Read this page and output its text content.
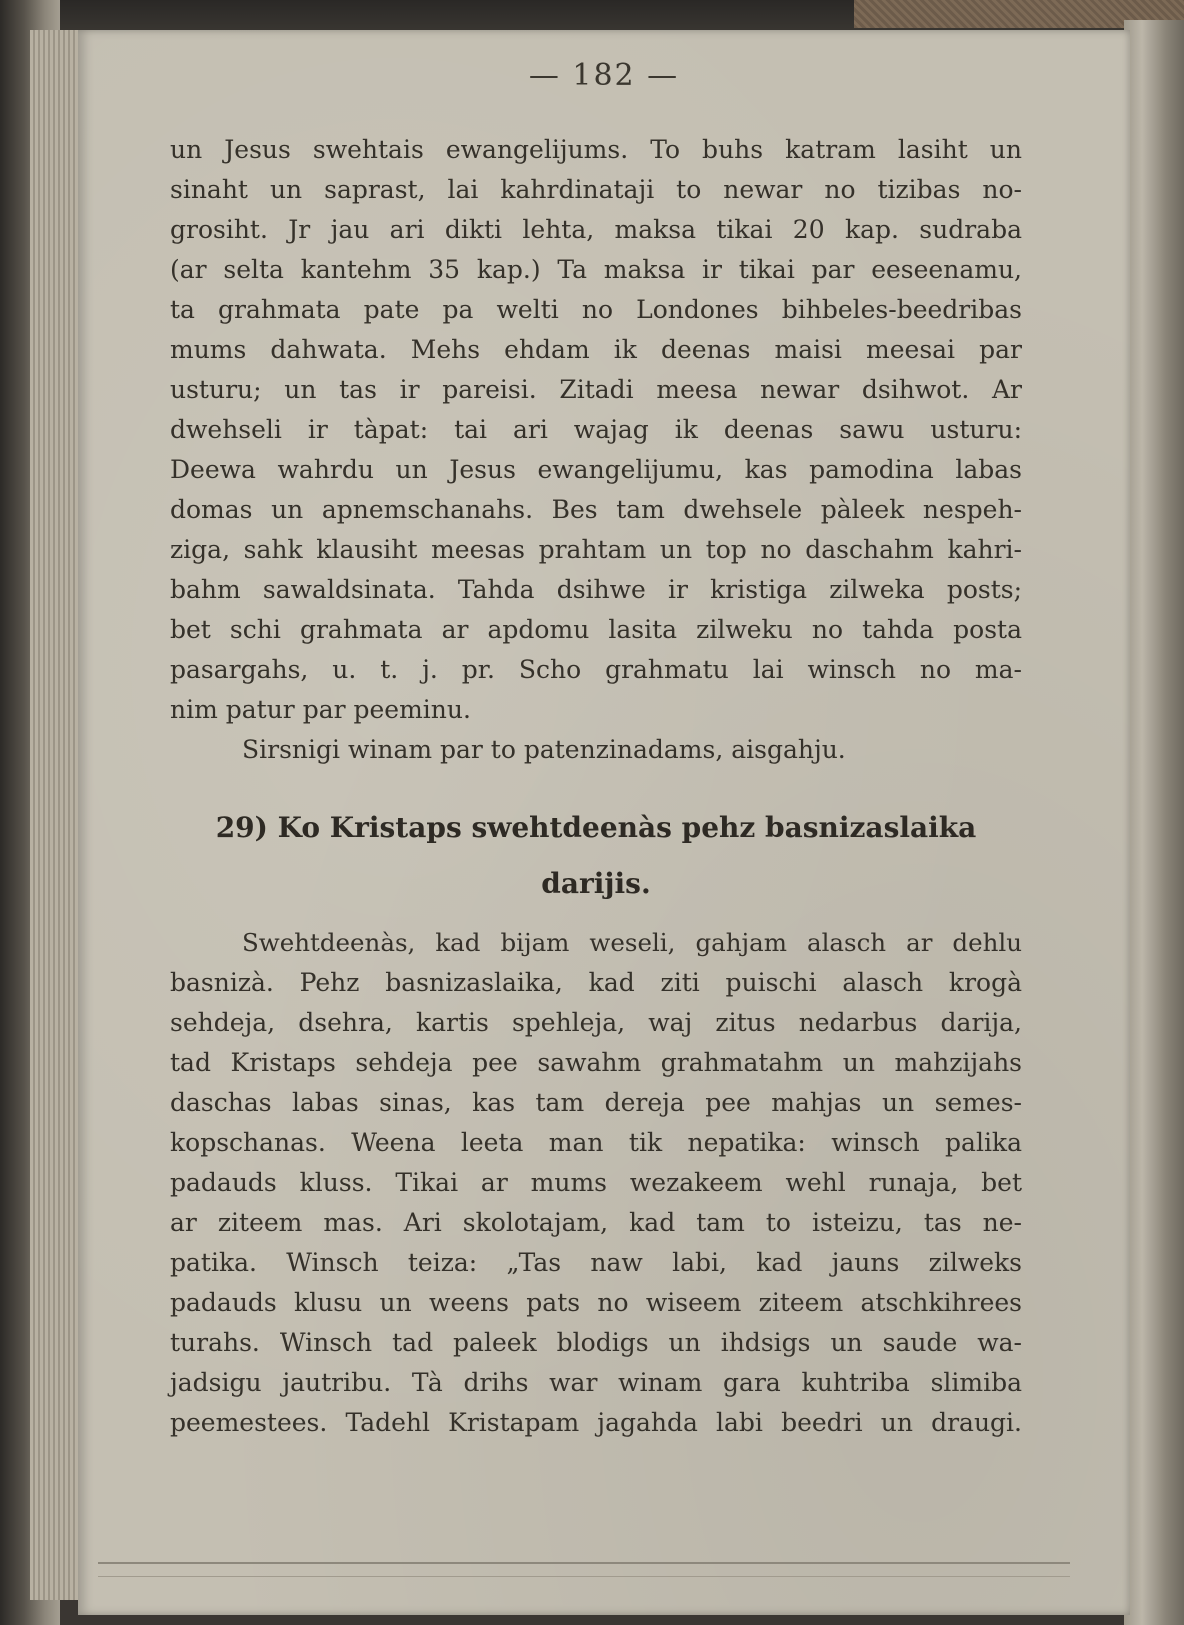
— 182 —
un Jesus swehtais ewangelijums. To buhs katram lasiht un
sinaht un saprast, lai kahrdinataji to newar no tizibas no-
grosiht. Jr jau ari dikti lehta, maksa tikai 20 kap. sudraba
(ar selta kantehm 35 kap.) Ta maksa ir tikai par eeseenamu,
ta grahmata pate pa welti no Londones bihbeles-beedribas
mums dahwata. Mehs ehdam ik deenas maisi meesai par
usturu; un tas ir pareisi. Zitadi meesa newar dsihwot. Ar
dwehseli ir tàpat: tai ari wajag ik deenas sawu usturu:
Deewa wahrdu un Jesus ewangelijumu, kas pamodina labas
domas un apnemschanahs. Bes tam dwehsele pàleek nespeh-
ziga, sahk klausiht meesas prahtam un top no daschahm kahri-
bahm sawaldsinata. Tahda dsihwe ir kristiga zilweka posts;
bet schi grahmata ar apdomu lasita zilweku no tahda posta
pasargahs, u. t. j. pr. Scho grahmatu lai winsch no ma-
nim patur par peeminu.
Sirsnigi winam par to patenzinadams, aisgahju.
29) Ko Kristaps swehtdeenàs pehz basnizaslaika
darijis.
Swehtdeenàs, kad bijam weseli, gahjam alasch ar dehlu
basnizà. Pehz basnizaslaika, kad ziti puischi alasch krogà
sehdeja, dsehra, kartis spehleja, waj zitus nedarbus darija,
tad Kristaps sehdeja pee sawahm grahmatahm un mahzijahs
daschas labas sinas, kas tam dereja pee mahjas un semes-
kopschanas. Weena leeta man tik nepatika: winsch palika
padauds kluss. Tikai ar mums wezakeem wehl runaja, bet
ar ziteem mas. Ari skolotajam, kad tam to isteizu, tas ne-
patika. Winsch teiza: „Tas naw labi, kad jauns zilweks
padauds klusu un weens pats no wiseem ziteem atschkihrees
turahs. Winsch tad paleek blodigs un ihdsigs un saude wa-
jadsigu jautribu. Tà drihs war winam gara kuhtriba slimiba
peemestees. Tadehl Kristapam jagahda labi beedri un draugi.
